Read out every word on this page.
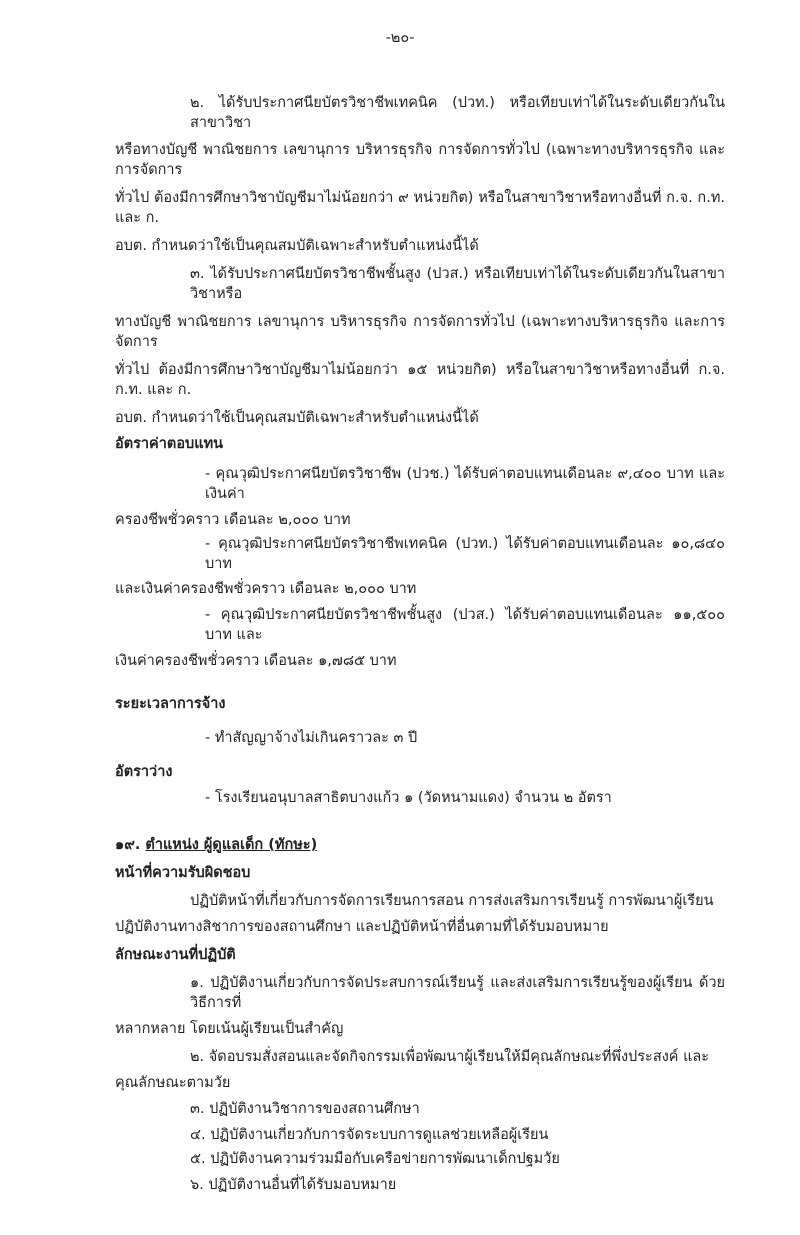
-๒๐-
๒. ได้รับประกาศนียบัตรวิชาชีพเทคนิค (ปวท.) หรือเทียบเท่าได้ในระดับเดียวกันในสาขาวิชา
หรือทางบัญชี พาณิชยการ เลขานุการ บริหารธุรกิจ การจัดการทั่วไป (เฉพาะทางบริหารธุรกิจ และการจัดการ
ทั่วไป ต้องมีการศึกษาวิชาบัญชีมาไม่น้อยกว่า ๙ หน่วยกิต) หรือในสาขาวิชาหรือทางอื่นที่ ก.จ. ก.ท. และ ก.
อบต. กำหนดว่าใช้เป็นคุณสมบัติเฉพาะสำหรับตำแหน่งนี้ได้
๓. ได้รับประกาศนียบัตรวิชาชีพชั้นสูง (ปวส.) หรือเทียบเท่าได้ในระดับเดียวกันในสาขาวิชาหรือ
ทางบัญชี พาณิชยการ เลขานุการ บริหารธุรกิจ การจัดการทั่วไป (เฉพาะทางบริหารธุรกิจ และการจัดการ
ทั่วไป ต้องมีการศึกษาวิชาบัญชีมาไม่น้อยกว่า ๑๕ หน่วยกิต) หรือในสาขาวิชาหรือทางอื่นที่ ก.จ. ก.ท. และ ก.
อบต. กำหนดว่าใช้เป็นคุณสมบัติเฉพาะสำหรับตำแหน่งนี้ได้
อัตราค่าตอบแทน
- คุณวุฒิประกาศนียบัตรวิชาชีพ (ปวช.) ได้รับค่าตอบแทนเดือนละ ๙,๔๐๐ บาท และเงินค่า
ครองชีพชั่วคราว เดือนละ ๒,๐๐๐ บาท
- คุณวุฒิประกาศนียบัตรวิชาชีพเทคนิค (ปวท.) ได้รับค่าตอบแทนเดือนละ ๑๐,๘๔๐ บาท
และเงินค่าครองชีพชั่วคราว เดือนละ ๒,๐๐๐ บาท
- คุณวุฒิประกาศนียบัตรวิชาชีพชั้นสูง (ปวส.) ได้รับค่าตอบแทนเดือนละ ๑๑,๕๐๐ บาท และ
เงินค่าครองชีพชั่วคราว เดือนละ ๑,๗๘๕ บาท
ระยะเวลาการจ้าง
- ทำสัญญาจ้างไม่เกินคราวละ ๓ ปี
อัตราว่าง
- โรงเรียนอนุบาลสาธิตบางแก้ว ๑ (วัดหนามแดง) จำนวน ๒ อัตรา
๑๙. ตำแหน่ง ผู้ดูแลเด็ก (ทักษะ)
หน้าที่ความรับผิดชอบ
ปฏิบัติหน้าที่เกี่ยวกับการจัดการเรียนการสอน การส่งเสริมการเรียนรู้ การพัฒนาผู้เรียน
ปฏิบัติงานทางสิชาการของสถานศึกษา และปฏิบัติหน้าที่อื่นตามที่ได้รับมอบหมาย
ลักษณะงานที่ปฏิบัติ
๑. ปฏิบัติงานเกี่ยวกับการจัดประสบการณ์เรียนรู้ และส่งเสริมการเรียนรู้ของผู้เรียน ด้วยวิธีการที่
หลากหลาย โดยเน้นผู้เรียนเป็นสำคัญ
๒. จัดอบรมสั่งสอนและจัดกิจกรรมเพื่อพัฒนาผู้เรียนให้มีคุณลักษณะที่พึ่งประสงค์ และ
คุณลักษณะตามวัย
๓. ปฏิบัติงานวิชาการของสถานศึกษา
๔. ปฏิบัติงานเกี่ยวกับการจัดระบบการดูแลช่วยเหลือผู้เรียน
๕. ปฏิบัติงานความร่วมมือกับเครือข่ายการพัฒนาเด็กปฐมวัย
๖. ปฏิบัติงานอื่นที่ได้รับมอบหมาย
